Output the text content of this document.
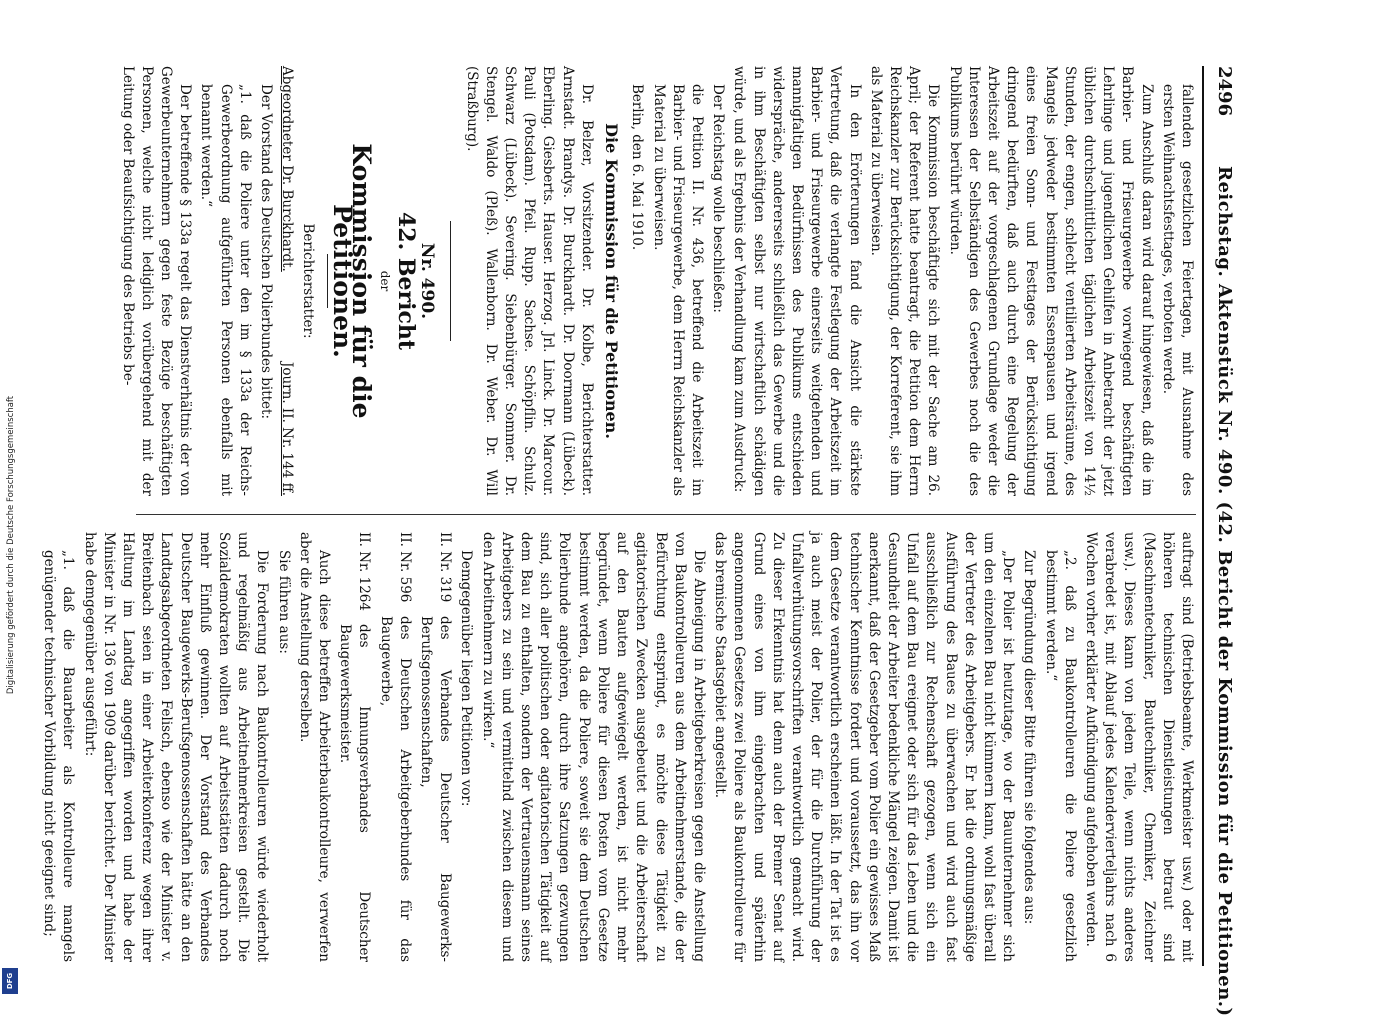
Digitalisierung gefördert durch die Deutsche Forschungsgemeinschaft
DFG
2496
Reichstag. Aktenstück Nr. 490. (42. Bericht der Kommission für die Petitionen.)

fallenden gesetzlichen Feiertagen, mit Ausnahme des ersten Weihnachtsfesttages, verboten werde.

Zum Anschluß daran wird darauf hingewiesen, daß die im Barbier- und Friseurgewerbe vorwiegend beschäftigten Lehrlinge und jugendlichen Gehilfen in Anbetracht der jetzt üblichen durchschnittlichen täglichen Arbeitszeit von 14½ Stunden, der engen, schlecht ventilierten Arbeitsräume, des Mangels jedweder bestimmten Essenspausen und irgend eines freien Sonn- und Festtages der Berücksichtigung dringend bedürften, daß auch durch eine Regelung der Arbeitszeit auf der vorgeschlagenen Grundlage weder die Interessen der Selbständigen des Gewerbes noch die des Publikums berührt würden.

Die Kommission beschäftigte sich mit der Sache am 26. April; der Referent hatte beantragt, die Petition dem Herrn Reichskanzler zur Berücksichtigung, der Korreferent, sie ihm als Material zu überweisen.

In den Erörterungen fand die Ansicht die stärkste Vertretung, daß die verlangte Festlegung der Arbeitszeit im Barbier- und Friseurgewerbe einerseits weitgehenden und mannigfaltigen Bedürfnissen des Publikums entschieden widerspräche, andererseits schließlich das Gewerbe und die in ihm Beschäftigten selbst nur wirtschaftlich schädigen würde, und als Ergebnis der Verhandlung kam zum Ausdruck:

Der Reichstag wolle beschließen:

die Petition II. Nr. 436, betreffend die Arbeitszeit im Barbier- und Friseurgewerbe, dem Herrn Reichskanzler als Material zu überweisen.

Berlin, den 6. Mai 1910.

Die Kommission für die Petitionen.

Dr. Belzer, Vorsitzender. Dr. Kolbe, Berichterstatter. Arnstadt. Brandys. Dr. Burckhardt. Dr. Doormann (Lübeck). Eberling. Giesberts. Hauser. Herzog. Jrl. Linck. Dr. Marcour. Pauli (Potsdam). Pfeil. Rupp. Sachse. Schöpflin. Schulz. Schwarz (Lübeck). Severing. Siebenbürger. Sommer. Dr. Stengel. Waldo (Pleß). Wallenborn. Dr. Weber. Dr. Will (Straßburg).

Nr. 490.
42. Bericht
der
Kommission für die Petitionen.

Berichterstatter:

Abgeordneter Dr. Burckhardt.
Journ. II. Nr. 144 ff.

Der Vorstand des Deutschen Polierbundes bittet:

„1. daß die Poliere unter den im § 133a der Reichs-Gewerbeordnung aufgeführten Personen ebenfalls mit benannt werden.“

Der betreffende § 133a regelt das Dienstverhältnis der von Gewerbeunternehmern gegen feste Bezüge beschäftigten Personen, welche nicht lediglich vorübergehend mit der Leitung oder Beaufsichtigung des Betriebs be-

auftragt sind (Betriebsbeamte, Werkmeister usw.) oder mit höheren technischen Dienstleistungen betraut sind (Maschinentechniker, Bautechniker, Chemiker, Zeichner usw.). Dieses kann von jedem Teile, wenn nichts anderes verabredet ist, mit Ablauf jedes Kalendervierteljahrs nach 6 Wochen vorher erklärter Aufkündigung aufgehoben werden.

„2. daß zu Baukontrolleuren die Poliere gesetzlich bestimmt werden.“

Zur Begründung dieser Bitte führen sie folgendes aus:

„Der Polier ist heutzutage, wo der Bauunternehmer sich um den einzelnen Bau nicht kümmern kann, wohl fast überall der Vertreter des Arbeitgebers. Er hat die ordnungsmäßige Ausführung des Baues zu überwachen und wird auch fast ausschließlich zur Rechenschaft gezogen, wenn sich ein Unfall auf dem Bau ereignet oder sich für das Leben und die Gesundheit der Arbeiter bedenkliche Mängel zeigen. Damit ist anerkannt, daß der Gesetzgeber vom Polier ein gewisses Maß technischer Kenntnisse fordert und voraussetzt, das ihn vor dem Gesetze verantwortlich erscheinen läßt. In der Tat ist es ja auch meist der Polier, der für die Durchführung der Unfallverhütungsvorschriften verantwortlich gemacht wird. Zu dieser Erkenntnis hat denn auch der Bremer Senat auf Grund eines von ihm eingebrachten und späterhin angenommenen Gesetzes zwei Poliere als Baukontrolleure für das bremische Staatsgebiet angestellt.

Die Abneigung in Arbeitgeberkreisen gegen die Anstellung von Baukontrolleuren aus dem Arbeitnehmerstande, die der Befürchtung entspringt, es möchte diese Tätigkeit zu agitatorischen Zwecken ausgebeutet und die Arbeiterschaft auf den Bauten aufgewiegelt werden, ist nicht mehr begründet, wenn Poliere für diesen Posten vom Gesetze bestimmt werden, da die Poliere, soweit sie dem Deutschen Polierbunde angehören, durch ihre Satzungen gezwungen sind, sich aller politischen oder agitatorischen Tätigkeit auf dem Bau zu enthalten, sondern der Vertrauensmann seines Arbeitgebers zu sein und vermittelnd zwischen diesem und den Arbeitnehmern zu wirken.“

Demgegenüber liegen Petitionen vor:

II. Nr. 319
des Verbandes Deutscher Baugewerks-Berufsgenossenschaften,

II. Nr. 596
des Deutschen Arbeitgeberbundes für das Baugewerbe,

II. Nr. 1264
des Innungsverbandes Deutscher Baugewerksmeister.

Auch diese betreffen Arbeiterbaukontrolleure, verwerfen aber die Anstellung derselben.

Sie führen aus:

Die Forderung nach Baukontrolleuren würde wiederholt und regelmäßig aus Arbeitnehmerkreisen gestellt. Die Sozialdemokraten wollten auf Arbeitsstätten dadurch noch mehr Einfluß gewinnen. Der Vorstand des Verbandes Deutscher Baugewerks-Berufsgenossenschaften hätte an den Landtagsabgeordneten Felisch, ebenso wie der Minister v. Breitenbach seien in einer Arbeiterkonferenz wegen ihrer Haltung im Landtag angegriffen worden und habe der Minister in Nr. 136 von 1909 darüber berichtet. Der Minister habe demgegenüber ausgeführt:

„1. daß die Bauarbeiter als Kontrolleure mangels genügender technischer Vorbildung nicht geeignet sind;
